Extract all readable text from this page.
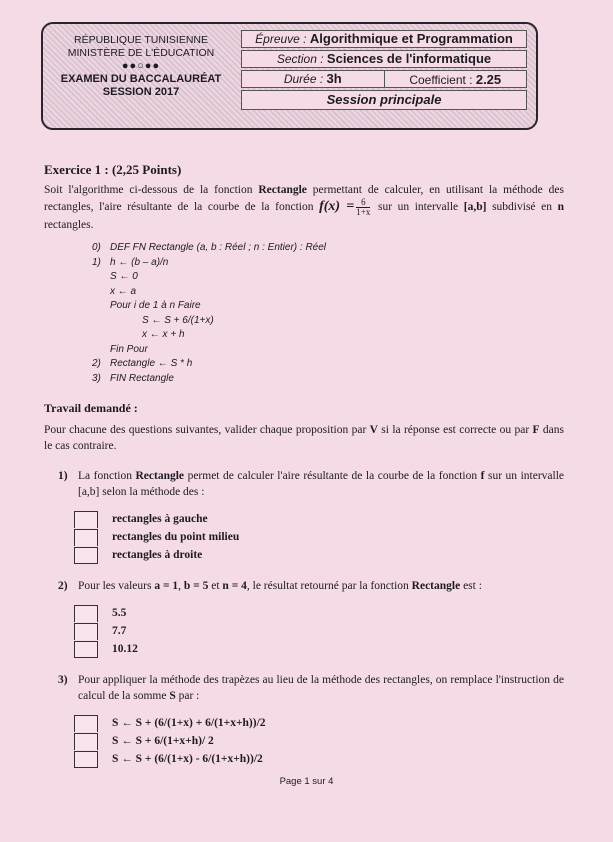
RÉPUBLIQUE TUNISIENNE
MINISTÈRE DE L'ÉDUCATION
●●○●●
EXAMEN DU BACCALAURÉAT
SESSION 2017
Épreuve :
Algorithmique et Programmation
Section :
Sciences de l'informatique
Durée : 3h	Coefficient : 2.25
Session principale
Exercice 1 : (2,25 Points)

Soit l'algorithme ci-dessous de la fonction Rectangle permettant de calculer, en utilisant la méthode des rectangles, l'aire résultante de la courbe de la fonction $f(x) = \frac{6}{1+x}$ sur un intervalle [a,b] subdivisé en n rectangles.

0) DEF FN Rectangle (a, b : Réel ; n : Entier) : Réel
1) h ← (b – a)/n
S ← 0
x ← a
Pour i de 1 à n Faire
S ← S + 6/(1+x)
x ← x + h
Fin Pour
2) Rectangle ← S * h
3) FIN Rectangle
Travail demandé :

Pour chacune des questions suivantes, valider chaque proposition par V si la réponse est correcte ou par F dans le cas contraire.

1) La fonction Rectangle permet de calculer l'aire résultante de la courbe de la fonction f sur un intervalle [a,b] selon la méthode des :
rectangles à gauche
rectangles du point milieu
rectangles à droite
2) Pour les valeurs a = 1, b = 5 et n = 4, le résultat retourné par la fonction Rectangle est :
5.5
7.7
10.12
3) Pour appliquer la méthode des trapèzes au lieu de la méthode des rectangles, on remplace l'instruction de calcul de la somme S par :
S ← S + (6/(1+x) + 6/(1+x+h))/2
S ← S + 6/(1+x+h)/ 2
S ← S + (6/(1+x) - 6/(1+x+h))/2
Page 1 sur 4
